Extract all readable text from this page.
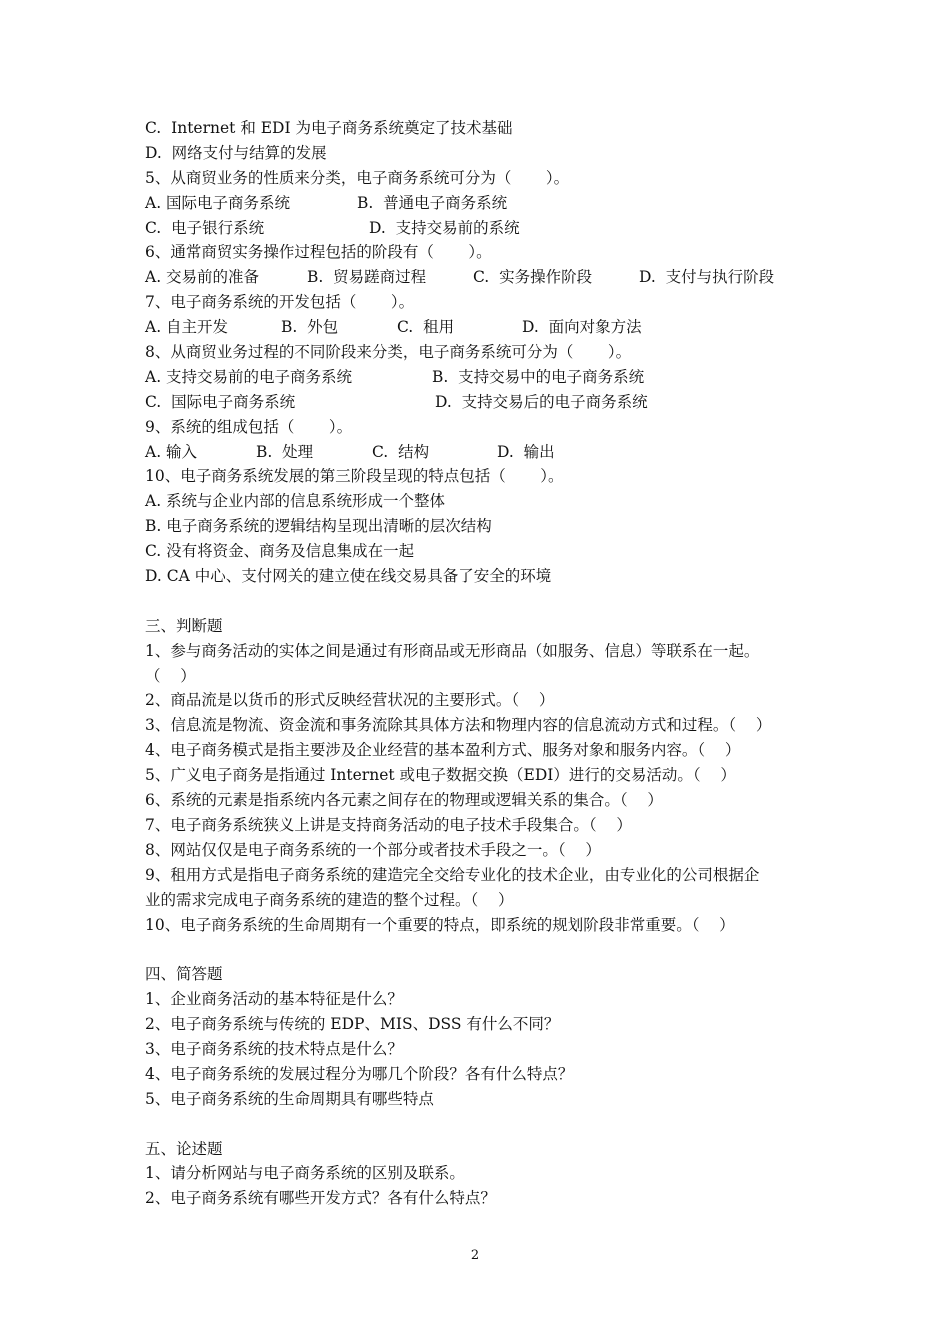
C.  Internet 和 EDI 为电子商务系统奠定了技术基础
D.  网络支付与结算的发展
5、从商贸业务的性质来分类，电子商务系统可分为（       ）。

A. 国际电子商务系统

	B.  普通电子商务系统

C.  电子银行系统

	D.  支持交易前的系统

6、通常商贸实务操作过程包括的阶段有（       ）。

A. 交易前的准备

	B.  贸易蹉商过程

	C.  实务操作阶段

	D.  支付与执行阶段

7、电子商务系统的开发包括（       ）。

A. 自主开发

	B.  外包

	C.  租用

	D.  面向对象方法

8、从商贸业务过程的不同阶段来分类，电子商务系统可分为（       ）。

A. 支持交易前的电子商务系统

	B.  支持交易中的电子商务系统

C.  国际电子商务系统

	D.  支持交易后的电子商务系统

9、系统的组成包括（       ）。

A. 输入

	B.  处理

	C.  结构

	D.  输出

10、电子商务系统发展的第三阶段呈现的特点包括（       ）。
A. 系统与企业内部的信息系统形成一个整体
B. 电子商务系统的逻辑结构呈现出清晰的层次结构
C. 没有将资金、商务及信息集成在一起
D. CA 中心、支付网关的建立使在线交易具备了安全的环境
三、判断题
1、参与商务活动的实体之间是通过有形商品或无形商品（如服务、信息）等联系在一起。
（    ）
2、商品流是以货币的形式反映经营状况的主要形式。（    ）
3、信息流是物流、资金流和事务流除其具体方法和物理内容的信息流动方式和过程。（    ）
4、电子商务模式是指主要涉及企业经营的基本盈利方式、服务对象和服务内容。（    ）
5、广义电子商务是指通过 Internet 或电子数据交换（EDI）进行的交易活动。（    ）
6、系统的元素是指系统内各元素之间存在的物理或逻辑关系的集合。（    ）
7、电子商务系统狭义上讲是支持商务活动的电子技术手段集合。（    ）
8、网站仅仅是电子商务系统的一个部分或者技术手段之一。（    ）
9、租用方式是指电子商务系统的建造完全交给专业化的技术企业，由专业化的公司根据企
业的需求完成电子商务系统的建造的整个过程。（    ）
10、电子商务系统的生命周期有一个重要的特点，即系统的规划阶段非常重要。（    ）
四、简答题
1、企业商务活动的基本特征是什么？
2、电子商务系统与传统的 EDP、MIS、DSS 有什么不同？
3、电子商务系统的技术特点是什么？
4、电子商务系统的发展过程分为哪几个阶段？各有什么特点？
5、电子商务系统的生命周期具有哪些特点
五、论述题
1、请分析网站与电子商务系统的区别及联系。
2、电子商务系统有哪些开发方式？各有什么特点？
2
